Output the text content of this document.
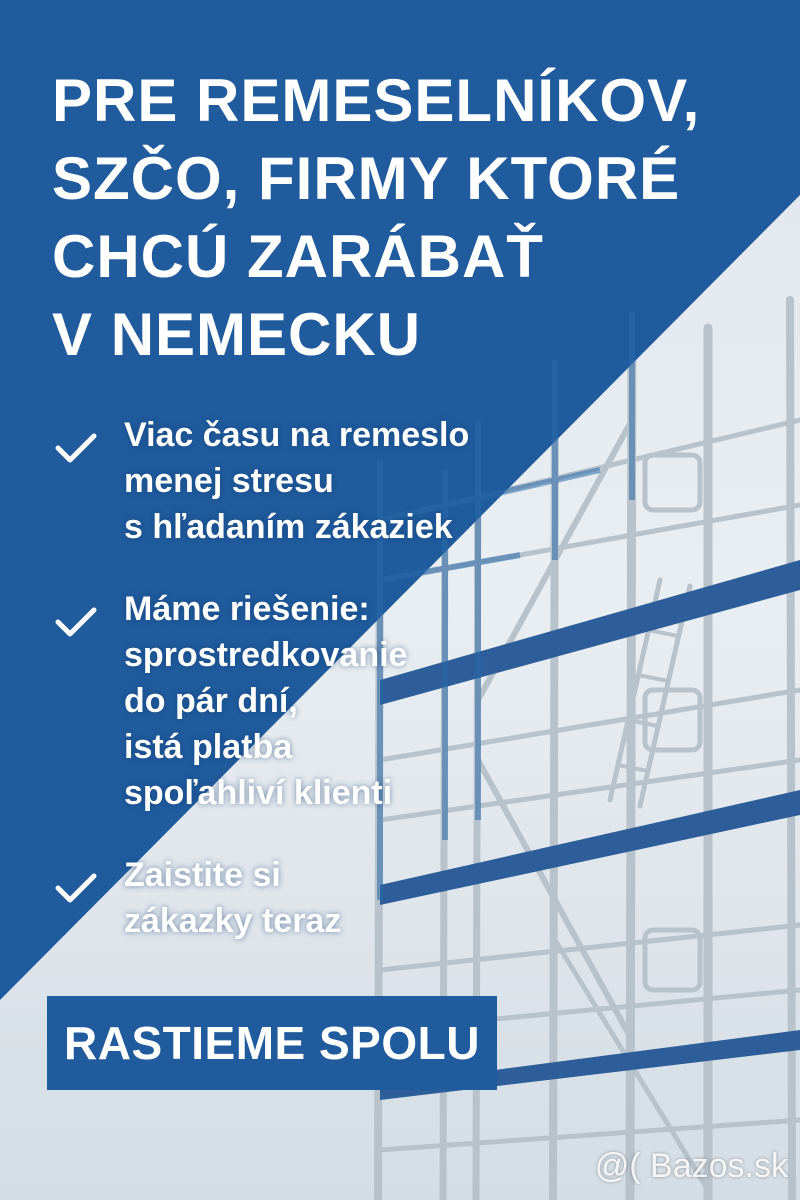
PRE REMESELNÍKOV,
SZČO, FIRMY KTORÉ
CHCÚ ZARÁBAŤ
V NEMECKU
Viac času na remeslo
menej stresu
s hľadaním zákaziek
Máme riešenie:
sprostredkovanie
do pár dní,
istá platba
spoľahliví klienti
Zaistite si
zákazky teraz
RASTIEME SPOLU
@( Bazos.sk
